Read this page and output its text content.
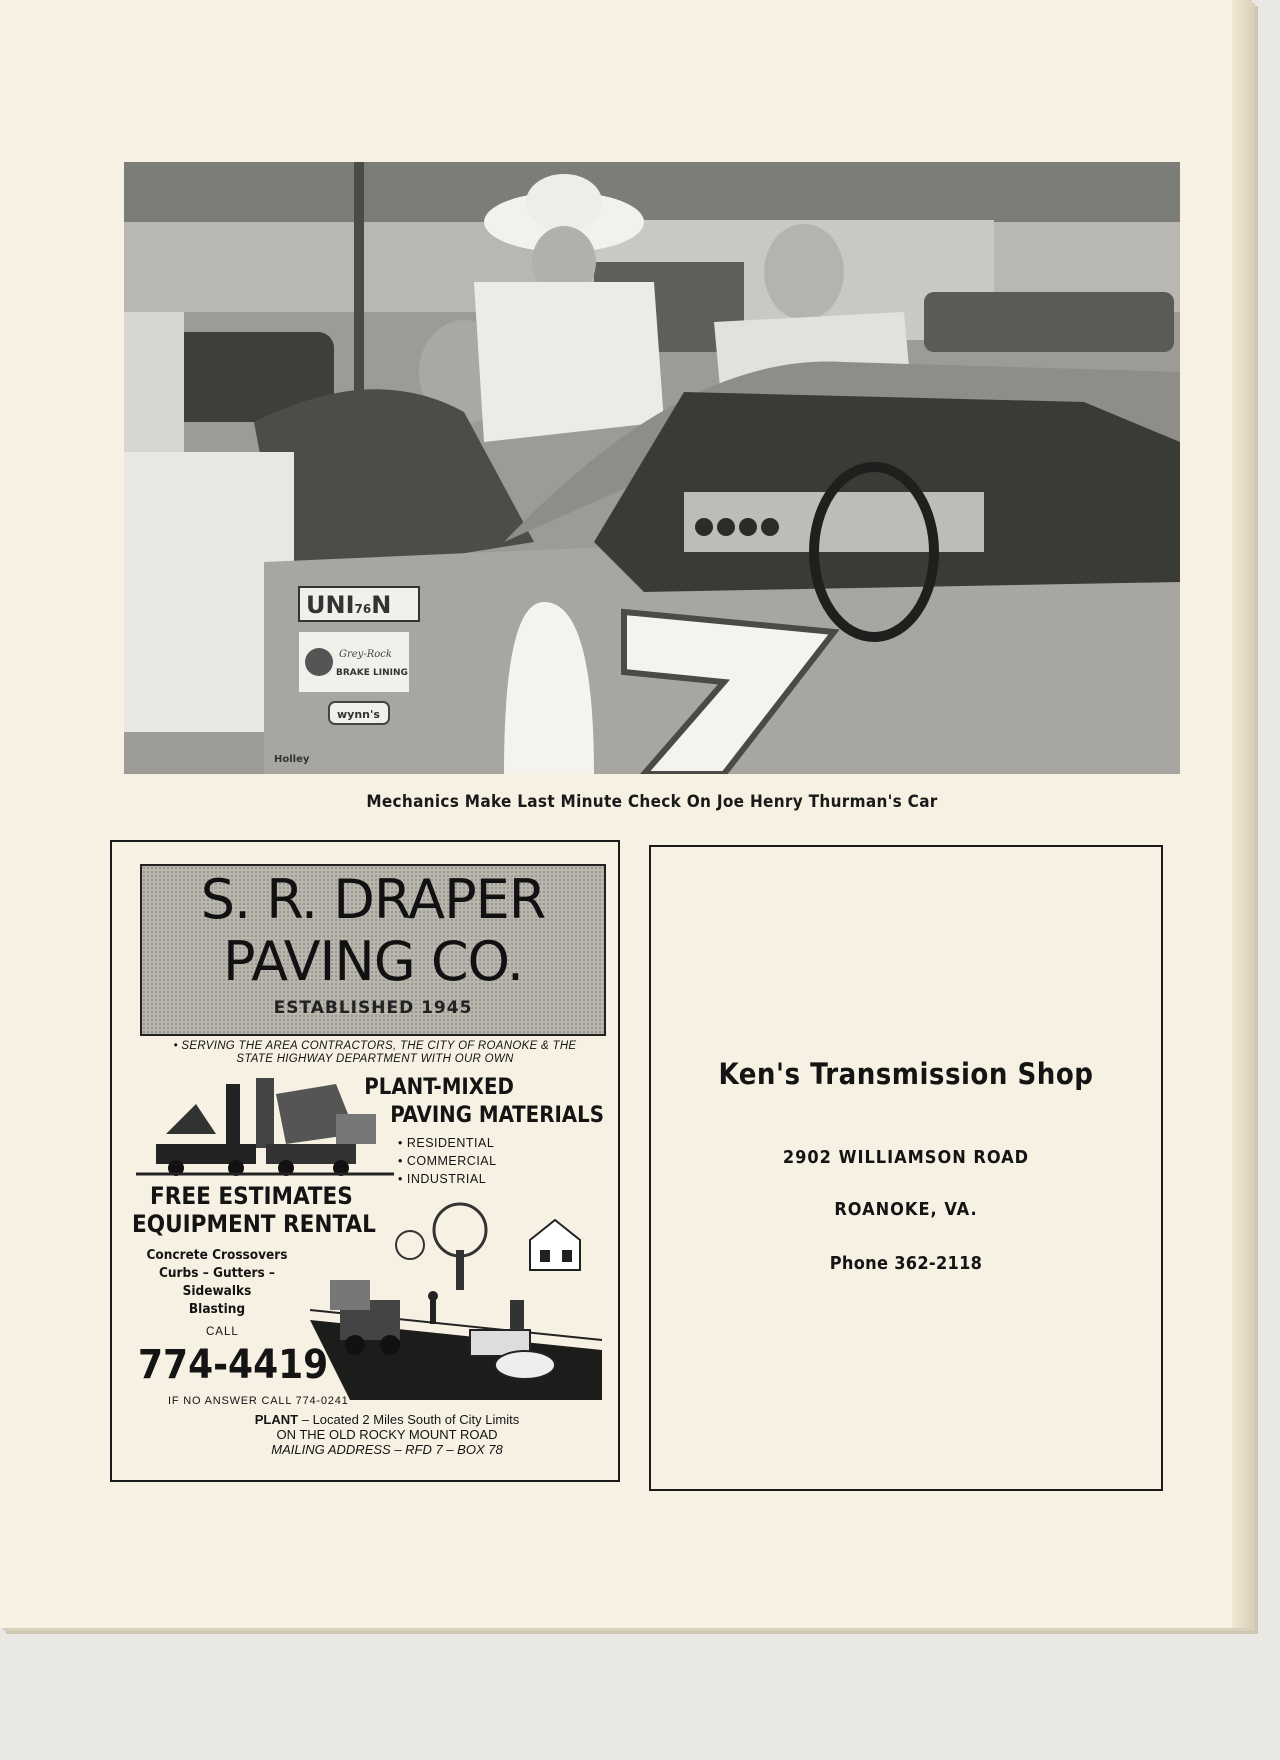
UNI76N
Grey-Rock
BRAKE LINING
wynn's
Holley
Mechanics Make Last Minute Check On Joe Henry Thurman's Car
S. R. DRAPER
PAVING CO.
ESTABLISHED 1945
• SERVING THE AREA CONTRACTORS, THE CITY OF ROANOKE & THE
STATE HIGHWAY DEPARTMENT WITH OUR OWN
PLANT-MIXED
PAVING MATERIALS
• RESIDENTIAL
• COMMERCIAL
• INDUSTRIAL
FREE ESTIMATES
EQUIPMENT RENTAL
Concrete Crossovers
Curbs – Gutters –
Sidewalks
Blasting
CALL
774-4419
IF NO ANSWER CALL 774-0241
PLANT – Located 2 Miles South of City Limits
ON THE OLD ROCKY MOUNT ROAD
MAILING ADDRESS – RFD 7 – BOX 78
Ken's Transmission Shop
2902 WILLIAMSON ROAD
ROANOKE, VA.
Phone 362-2118
